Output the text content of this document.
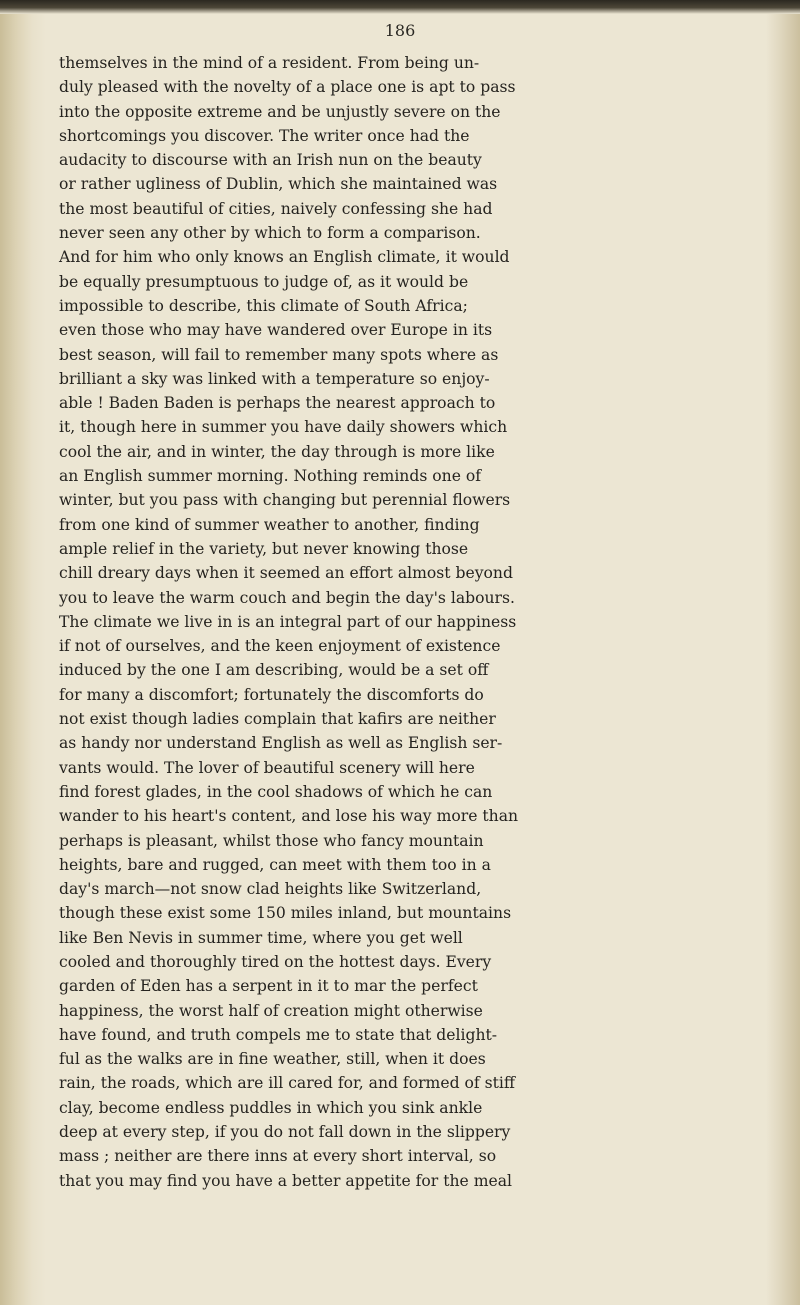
186

themselves in the mind of a resident. From being un-
duly pleased with the novelty of a place one is apt to pass
into the opposite extreme and be unjustly severe on the
shortcomings you discover. The writer once had the
audacity to discourse with an Irish nun on the beauty
or rather ugliness of Dublin, which she maintained was
the most beautiful of cities, naively confessing she had
never seen any other by which to form a comparison.
And for him who only knows an English climate, it would
be equally presumptuous to judge of, as it would be
impossible to describe, this climate of South Africa;
even those who may have wandered over Europe in its
best season, will fail to remember many spots where as
brilliant a sky was linked with a temperature so enjoy-
able ! Baden Baden is perhaps the nearest approach to
it, though here in summer you have daily showers which
cool the air, and in winter, the day through is more like
an English summer morning. Nothing reminds one of
winter, but you pass with changing but perennial flowers
from one kind of summer weather to another, finding
ample relief in the variety, but never knowing those
chill dreary days when it seemed an effort almost beyond
you to leave the warm couch and begin the day's labours.
The climate we live in is an integral part of our happiness
if not of ourselves, and the keen enjoyment of existence
induced by the one I am describing, would be a set off
for many a discomfort; fortunately the discomforts do
not exist though ladies complain that kafirs are neither
as handy nor understand English as well as English ser-
vants would. The lover of beautiful scenery will here
find forest glades, in the cool shadows of which he can
wander to his heart's content, and lose his way more than
perhaps is pleasant, whilst those who fancy mountain
heights, bare and rugged, can meet with them too in a
day's march—not snow clad heights like Switzerland,
though these exist some 150 miles inland, but mountains
like Ben Nevis in summer time, where you get well
cooled and thoroughly tired on the hottest days. Every
garden of Eden has a serpent in it to mar the perfect
happiness, the worst half of creation might otherwise
have found, and truth compels me to state that delight-
ful as the walks are in fine weather, still, when it does
rain, the roads, which are ill cared for, and formed of stiff
clay, become endless puddles in which you sink ankle
deep at every step, if you do not fall down in the slippery
mass ; neither are there inns at every short interval, so
that you may find you have a better appetite for the meal
